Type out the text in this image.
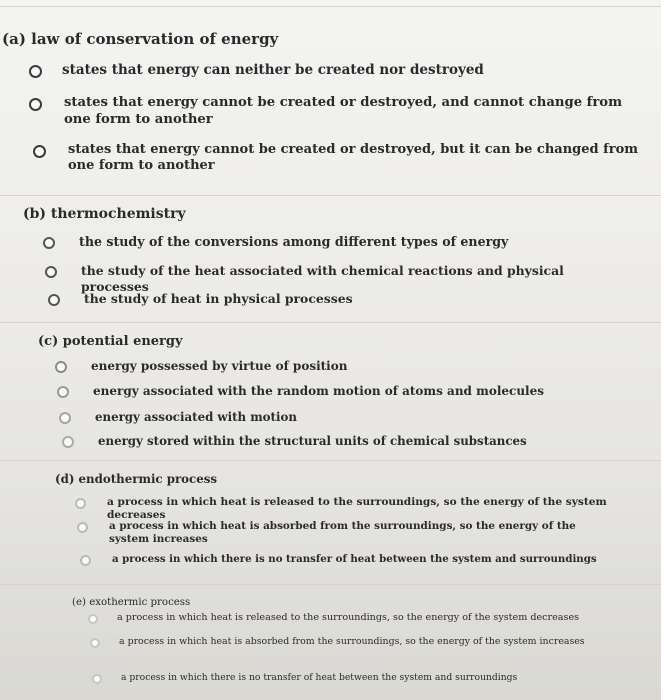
(a) law of conservation of energy
states that energy can neither be created nor destroyed
states that energy cannot be created or destroyed, and cannot change from one form to another
states that energy cannot be created or destroyed, but it can be changed from one form to another
(b) thermochemistry
the study of the conversions among different types of energy
the study of the heat associated with chemical reactions and physical processes
the study of heat in physical processes
(c) potential energy
energy possessed by virtue of position
energy associated with the random motion of atoms and molecules
energy associated with motion
energy stored within the structural units of chemical substances
(d) endothermic process
a process in which heat is released to the surroundings, so the energy of the system decreases
a process in which heat is absorbed from the surroundings, so the energy of the system increases
a process in which there is no transfer of heat between the system and surroundings
(e) exothermic process
a process in which heat is released to the surroundings, so the energy of the system decreases
a process in which heat is absorbed from the surroundings, so the energy of the system increases
a process in which there is no transfer of heat between the system and surroundings
